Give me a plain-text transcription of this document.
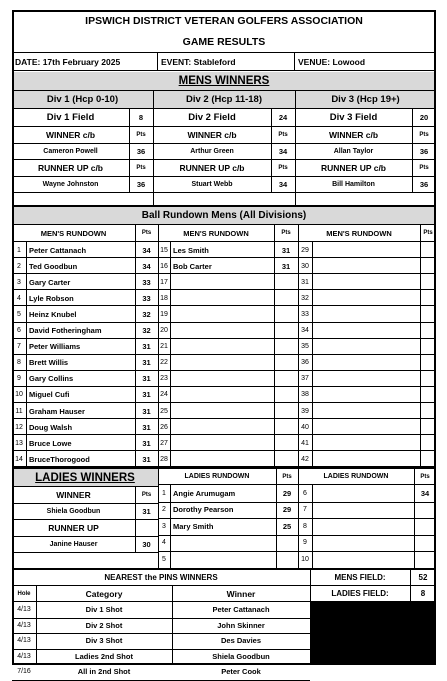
IPSWICH DISTRICT VETERAN GOLFERS ASSOCIATION
GAME RESULTS
DATE: 17th February 2025	EVENT: Stableford	VENUE: Lowood
MENS WINNERS
Div 1 (Hcp 0-10)
Div 1 Field	8
WINNER c/b	Pts
Cameron Powell	36
RUNNER UP c/b	Pts
Wayne Johnston	36
Div 2 (Hcp 11-18)
Div 2 Field	24
WINNER c/b	Pts
Arthur Green	34
RUNNER UP c/b	Pts
Stuart Webb	34
Div 3 (Hcp 19+)
Div 3 Field	20
WINNER c/b	Pts
Allan Taylor	36
RUNNER UP c/b	Pts
Bill Hamilton	36
Ball Rundown Mens (All Divisions)
MEN'S RUNDOWN	Pts
1	Peter Cattanach	34
2	Ted Goodbun	34
3	Gary Carter	33
4	Lyle Robson	33
5	Heinz Knubel	32
6	David Fotheringham	32
7	Peter Williams	31
8	Brett Willis	31
9	Gary Collins	31
10 Miguel Cufi	31
11 Graham Hauser	31
12 Doug Walsh	31
13 Bruce Lowe	31
14 BruceThorogood	31
MEN'S RUNDOWN	Pts
15 Les Smith	31
16 Bob Carter	31
17
18
19
20
21
22
23
24
25
26
27
28
MEN'S RUNDOWN	Pts
29
30
31
32
33
34
35
36
37
38
39
40
41
42
LADIES WINNERS	LADIES RUNDOWN	Pts	LADIES RUNDOWN	Pts
WINNER	Pts
Shiela Goodbun	31
RUNNER UP
Janine Hauser	30
1 Angie Arumugam	29
2 Dorothy Pearson	29
3 Mary Smith	25
4
5
6	34
7
8
9
10
NEAREST the PINS WINNERS
Hole	Category	Winner
4/13	Div 1 Shot	Peter Cattanach
4/13	Div 2 Shot	John Skinner
4/13	Div 3 Shot	Des Davies
4/13	Ladies 2nd Shot	Shiela Goodbun
7/16	All in 2nd Shot	Peter Cook
MENS FIELD:	52
LADIES FIELD:	8
